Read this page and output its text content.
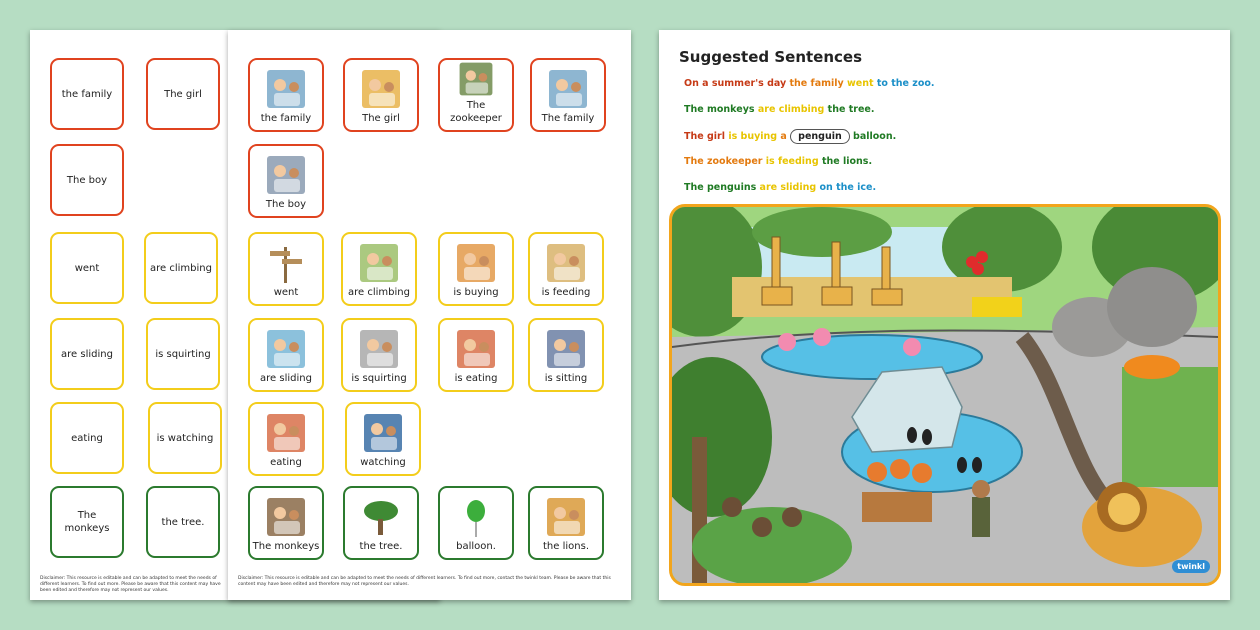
the family	The girl
The boy
went	are climbing
are sliding	is squirting
eating	is watching
The monkeys
the tree.
Disclaimer: This resource is editable and can be adapted to meet the needs of different learners. To find out more. Please be aware that this content may have been edited and therefore may not represent our values.
the family	The girl
The zookeeper	The family
The boy
went	are climbing	is buying	is feeding
are sliding	is squirting	is eating	is sitting
eating	watching
The monkeys	the tree.	balloon.	the lions.
Disclaimer: This resource is editable and can be adapted to meet the needs of different learners. To find out more, contact the twinkl team. Please be aware that this content may have been edited and therefore may not represent our values.
Suggested Sentences
On a summer's day the family went to the zoo.
The monkeys are climbing the tree.
The girl is buying a penguin balloon.
The zookeeper is feeding the lions.
The penguins are sliding on the ice.
twinkl
